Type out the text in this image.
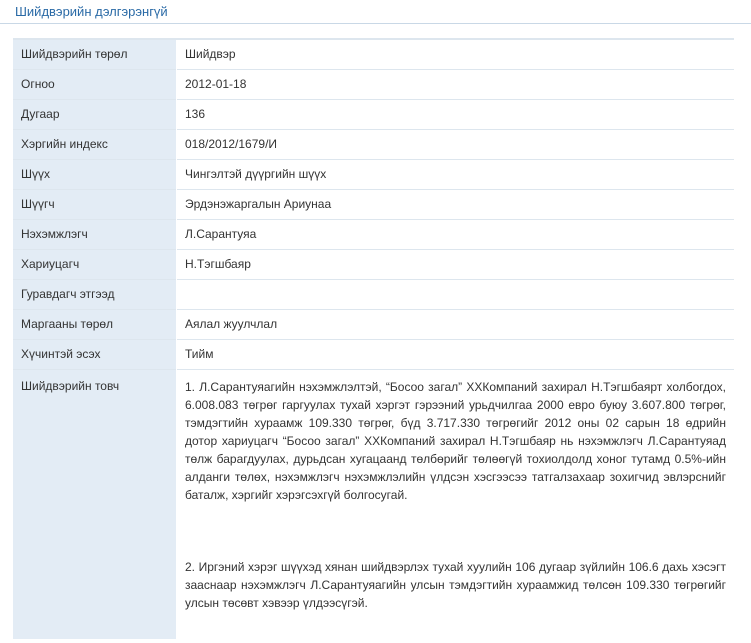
Шийдвэрийн дэлгэрэнгүй
Шийдвэрийн төрөл	Шийдвэр
Огноо	2012-01-18
Дугаар	136
Хэргийн индекс	018/2012/1679/И
Шүүх	Чингэлтэй дүүргийн шүүх
Шүүгч	Эрдэнэжаргалын Ариунаа
Нэхэмжлэгч	Л.Сарантуяа
Хариуцагч	Н.Тэгшбаяр
Гуравдагч этгээд	
Маргааны төрөл	Аялал жуулчлал
Хүчинтэй эсэх	Тийм
Шийдвэрийн товч	1. Л.Сарантуяагийн нэхэмжлэлтэй, “Босоо загал” ХХКомпаний захирал Н.Тэгшбаярт холбогдох, 6.008.083 төгрөг гаргуулах тухай хэргэт гэрээний урьдчилгаа 2000 евро буюу 3.607.800 төгрөг, тэмдэгтийн хураамж 109.330 төгрөг, бүд 3.717.330 төгрөгийг 2012 оны 02 сарын 18 өдрийн дотор хариуцагч “Босоо загал” ХХКомпаний захирал Н.Тэгшбаяр нь нэхэмжлэгч Л.Сарантуяад төлж барагдуулах, дурьдсан хугацаанд төлбөрийг төлөөгүй тохиолдолд хоног тутамд 0.5%-ийн алданги төлөх, нэхэмжлэгч нэхэмжлэлийн үлдсэн хэсгээсээ татгалзахаар зохигчид эвлэрснийг баталж, хэргийг хэрэгсэхгүй болгосугай.

2. Иргэний хэрэг шүүхэд хянан шийдвэрлэх тухай хуулийн 106 дугаар зүйлийн 106.6 дахь хэсэгт зааснаар нэхэмжлэгч Л.Сарантуяагийн улсын тэмдэгтийн хураамжид төлсөн 109.330 төгрөгийг улсын төсөвт хэвээр үлдээсүгэй.
